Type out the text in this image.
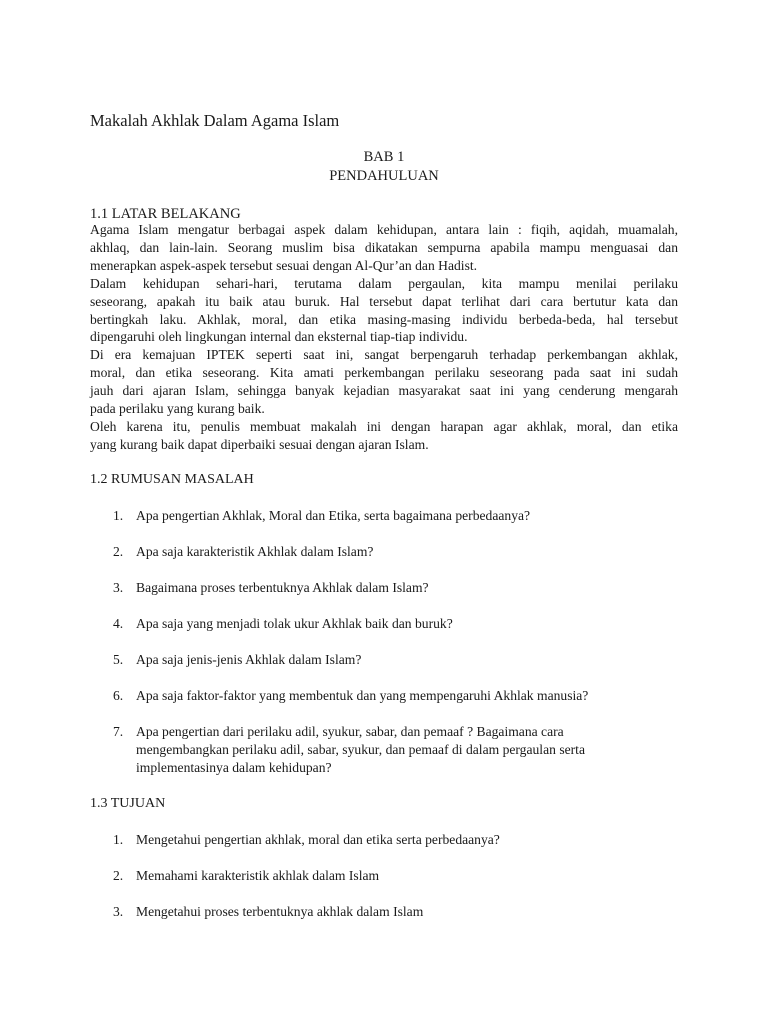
Makalah Akhlak Dalam Agama Islam
BAB 1
PENDAHULUAN
1.1 LATAR BELAKANG
Agama Islam mengatur berbagai aspek dalam kehidupan, antara lain : fiqih, aqidah, muamalah,
akhlaq, dan lain-lain. Seorang muslim bisa dikatakan sempurna apabila mampu menguasai dan
menerapkan aspek-aspek tersebut sesuai dengan Al-Qur’an dan Hadist.
Dalam kehidupan sehari-hari, terutama dalam pergaulan, kita mampu menilai perilaku
seseorang, apakah itu baik atau buruk. Hal tersebut dapat terlihat dari cara bertutur kata dan
bertingkah laku. Akhlak, moral, dan etika masing-masing individu berbeda-beda, hal tersebut
dipengaruhi oleh lingkungan internal dan eksternal tiap-tiap individu.
Di era kemajuan IPTEK seperti saat ini, sangat berpengaruh terhadap perkembangan akhlak,
moral, dan etika seseorang. Kita amati perkembangan perilaku seseorang pada saat ini sudah
jauh dari ajaran Islam, sehingga banyak kejadian masyarakat saat ini yang cenderung mengarah
pada perilaku yang kurang baik.
Oleh karena itu, penulis membuat makalah ini dengan harapan agar akhlak, moral, dan etika
yang kurang baik dapat diperbaiki sesuai dengan ajaran Islam.
1.2 RUMUSAN MASALAH
1. Apa pengertian Akhlak, Moral dan Etika, serta bagaimana perbedaanya?
2. Apa saja karakteristik Akhlak dalam Islam?
3. Bagaimana proses terbentuknya Akhlak dalam Islam?
4. Apa saja yang menjadi tolak ukur Akhlak baik dan buruk?
5. Apa saja jenis-jenis Akhlak dalam Islam?
6. Apa saja faktor-faktor yang membentuk dan yang mempengaruhi Akhlak manusia?
7. Apa pengertian dari perilaku adil, syukur, sabar, dan pemaaf ? Bagaimana cara
mengembangkan perilaku adil, sabar, syukur, dan pemaaf di dalam pergaulan serta
implementasinya dalam kehidupan?
1.3 TUJUAN
1. Mengetahui pengertian akhlak, moral dan etika serta perbedaanya?
2. Memahami karakteristik akhlak dalam Islam
3. Mengetahui proses terbentuknya akhlak dalam Islam
